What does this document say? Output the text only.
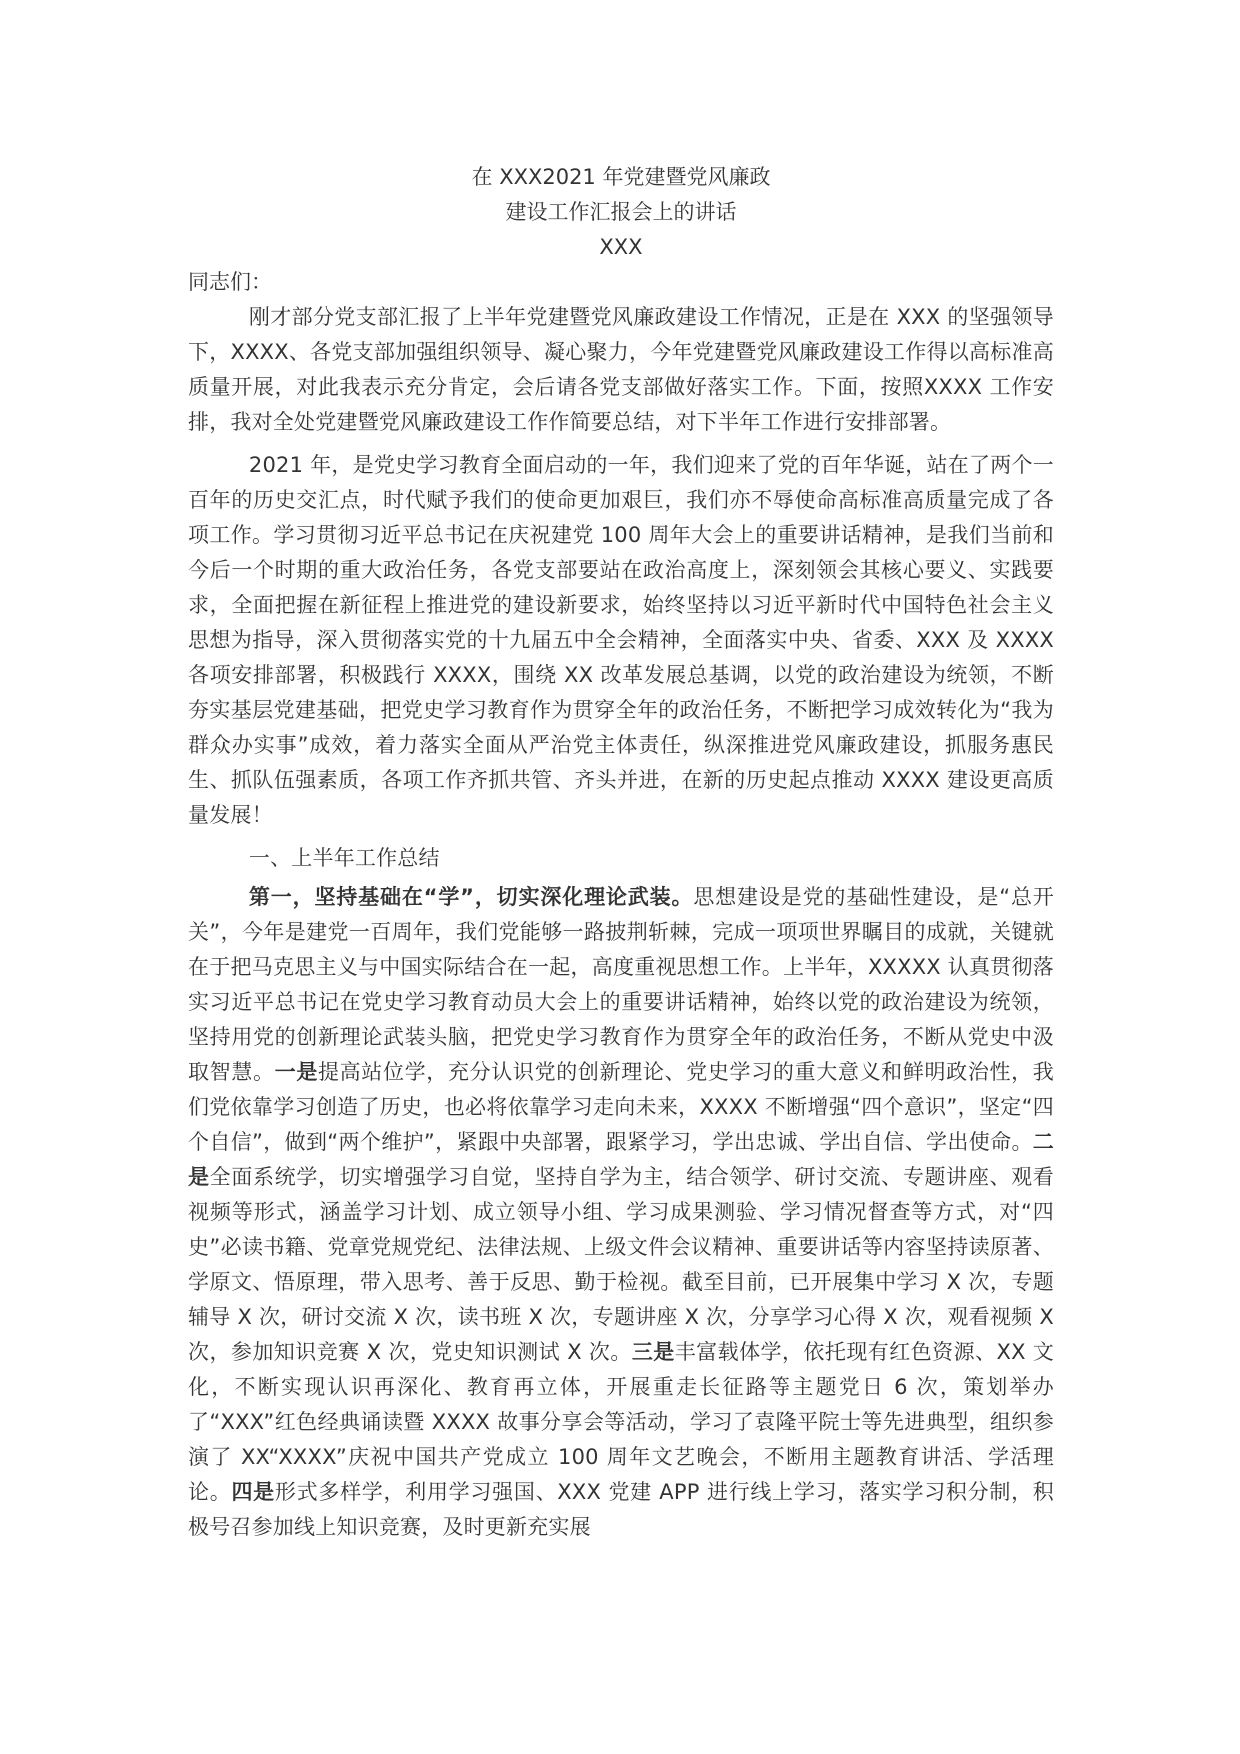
在 XXX2021 年党建暨党风廉政
建设工作汇报会上的讲话
XXX

同志们：

刚才部分党支部汇报了上半年党建暨党风廉政建设工作情况，正是在 XXX 的坚强领导下，XXXX、各党支部加强组织领导、凝心聚力，今年党建暨党风廉政建设工作得以高标准高质量开展，对此我表示充分肯定，会后请各党支部做好落实工作。下面，按照XXXX 工作安排，我对全处党建暨党风廉政建设工作作简要总结，对下半年工作进行安排部署。

2021 年，是党史学习教育全面启动的一年，我们迎来了党的百年华诞，站在了两个一百年的历史交汇点，时代赋予我们的使命更加艰巨，我们亦不辱使命高标准高质量完成了各项工作。学习贯彻习近平总书记在庆祝建党 100 周年大会上的重要讲话精神，是我们当前和今后一个时期的重大政治任务，各党支部要站在政治高度上，深刻领会其核心要义、实践要求，全面把握在新征程上推进党的建设新要求，始终坚持以习近平新时代中国特色社会主义思想为指导，深入贯彻落实党的十九届五中全会精神，全面落实中央、省委、XXX 及 XXXX 各项安排部署，积极践行 XXXX，围绕 XX 改革发展总基调，以党的政治建设为统领，不断夯实基层党建基础，把党史学习教育作为贯穿全年的政治任务，不断把学习成效转化为“我为群众办实事”成效，着力落实全面从严治党主体责任，纵深推进党风廉政建设，抓服务惠民生、抓队伍强素质，各项工作齐抓共管、齐头并进，在新的历史起点推动 XXXX 建设更高质量发展！

一、上半年工作总结

第一，坚持基础在“学”，切实深化理论武装。思想建设是党的基础性建设，是“总开关”，今年是建党一百周年，我们党能够一路披荆斩棘，完成一项项世界瞩目的成就，关键就在于把马克思主义与中国实际结合在一起，高度重视思想工作。上半年，XXXXX 认真贯彻落实习近平总书记在党史学习教育动员大会上的重要讲话精神，始终以党的政治建设为统领，坚持用党的创新理论武装头脑，把党史学习教育作为贯穿全年的政治任务，不断从党史中汲取智慧。一是提高站位学，充分认识党的创新理论、党史学习的重大意义和鲜明政治性，我们党依靠学习创造了历史，也必将依靠学习走向未来，XXXX 不断增强“四个意识”，坚定“四个自信”，做到“两个维护”，紧跟中央部署，跟紧学习，学出忠诚、学出自信、学出使命。二是全面系统学，切实增强学习自觉，坚持自学为主，结合领学、研讨交流、专题讲座、观看视频等形式，涵盖学习计划、成立领导小组、学习成果测验、学习情况督查等方式，对“四史”必读书籍、党章党规党纪、法律法规、上级文件会议精神、重要讲话等内容坚持读原著、学原文、悟原理，带入思考、善于反思、勤于检视。截至目前，已开展集中学习 X 次，专题辅导 X 次，研讨交流 X 次，读书班 X 次，专题讲座 X 次，分享学习心得 X 次，观看视频 X 次，参加知识竞赛 X 次，党史知识测试 X 次。三是丰富载体学，依托现有红色资源、XX 文化，不断实现认识再深化、教育再立体，开展重走长征路等主题党日 6 次，策划举办了“XXX”红色经典诵读暨 XXXX 故事分享会等活动，学习了袁隆平院士等先进典型，组织参演了 XX“XXXX”庆祝中国共产党成立 100 周年文艺晚会，不断用主题教育讲活、学活理论。四是形式多样学，利用学习强国、XXX 党建 APP 进行线上学习，落实学习积分制，积极号召参加线上知识竞赛，及时更新充实展
